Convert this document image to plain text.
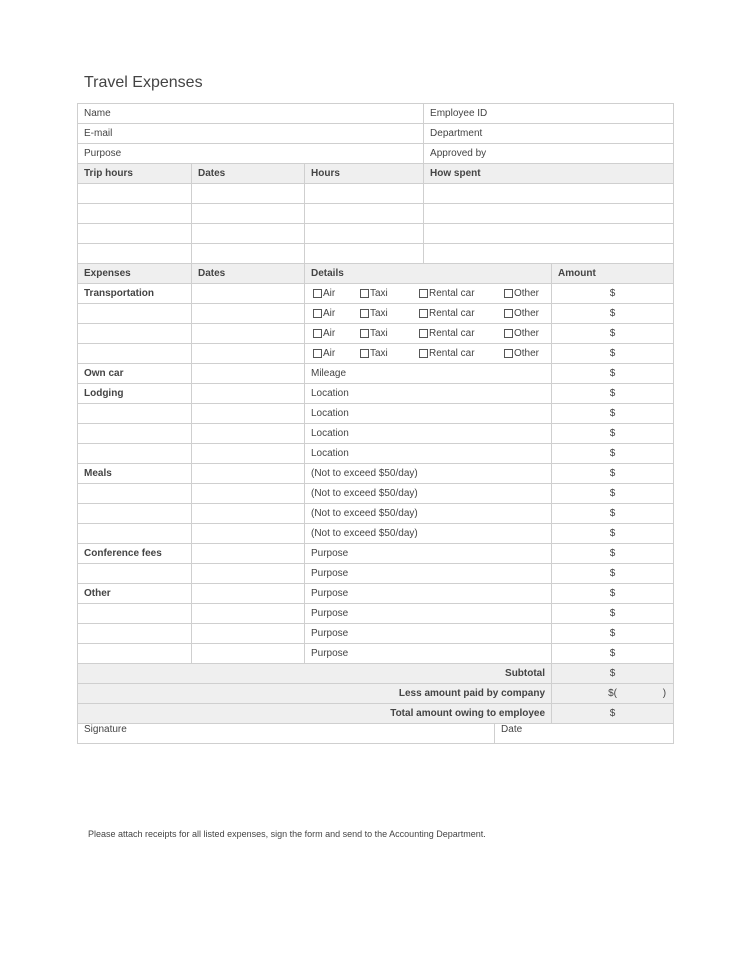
Travel Expenses
Name			Employee ID		
E-mail			Department		
Purpose			Approved by		
Trip hours	Dates	Hours	How spent		

Expenses	Dates	Details			Amount
Transportation		Air Taxi Rental car Other			$

		Air Taxi Rental car Other			$

		Air Taxi Rental car Other			$

		Air Taxi Rental car Other			$
Own car		Mileage			$
Lodging		Location			$
		Location			$
		Location			$
		Location			$
Meals		(Not to exceed $50/day)			$
		(Not to exceed $50/day)			$
		(Not to exceed $50/day)			$
		(Not to exceed $50/day)			$
Conference fees		Purpose			$
		Purpose			$
Other		Purpose			$
		Purpose			$
		Purpose			$
		Purpose			$
Subtotal					$
Less amount paid by company					$( )

Total amount owing to employee					$
Signature				Date	

Please attach receipts for all listed expenses, sign the form and send to the Accounting Department.
